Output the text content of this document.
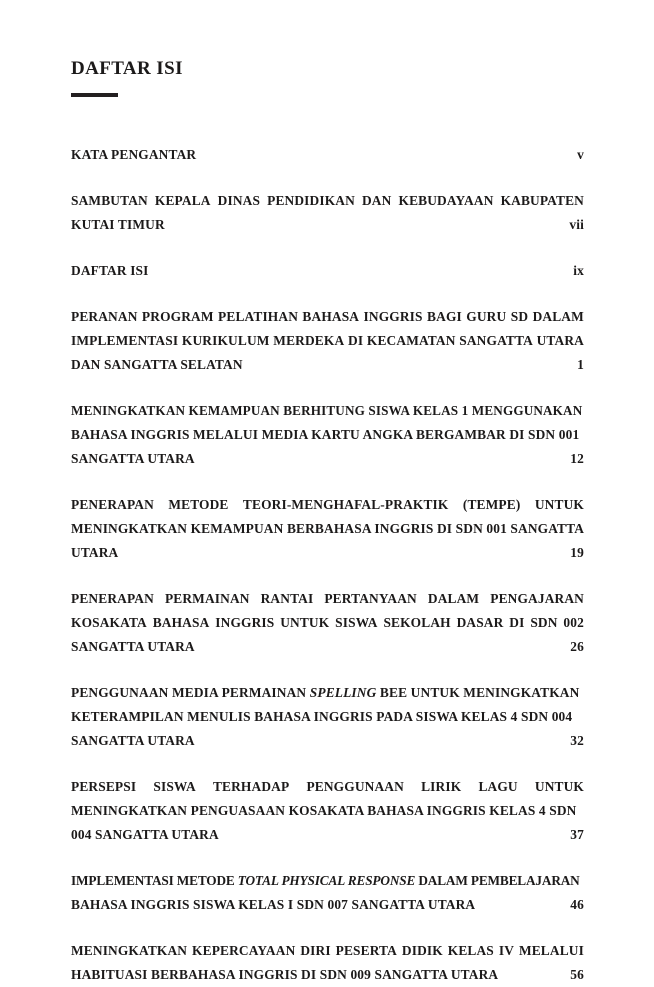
DAFTAR ISI
KATA PENGANTAR .....	v
SAMBUTAN KEPALA DINAS PENDIDIKAN DAN KEBUDAYAAN KABUPATEN
KUTAI TIMUR .....	vii
DAFTAR ISI .....	ix
PERANAN PROGRAM PELATIHAN BAHASA INGGRIS BAGI GURU SD DALAM
IMPLEMENTASI KURIKULUM MERDEKA DI KECAMATAN SANGATTA UTARA
DAN SANGATTA SELATAN .....	1
MENINGKATKAN KEMAMPUAN BERHITUNG SISWA KELAS 1 MENGGUNAKAN
BAHASA INGGRIS MELALUI MEDIA KARTU ANGKA BERGAMBAR DI SDN 001
SANGATTA UTARA .....	12
PENERAPAN METODE TEORI-MENGHAFAL-PRAKTIK (TEMPE) UNTUK
MENINGKATKAN KEMAMPUAN BERBAHASA INGGRIS DI SDN 001 SANGATTA
UTARA .....	19
PENERAPAN PERMAINAN RANTAI PERTANYAAN DALAM PENGAJARAN
KOSAKATA BAHASA INGGRIS UNTUK SISWA SEKOLAH DASAR DI SDN 002
SANGATTA UTARA .....	26
PENGGUNAAN MEDIA PERMAINAN SPELLING BEE UNTUK MENINGKATKAN
KETERAMPILAN MENULIS BAHASA INGGRIS PADA SISWA KELAS 4 SDN 004
SANGATTA UTARA .....	32
PERSEPSI SISWA TERHADAP PENGGUNAAN LIRIK LAGU UNTUK
MENINGKATKAN PENGUASAAN KOSAKATA BAHASA INGGRIS KELAS 4 SDN
004 SANGATTA UTARA .....	37
IMPLEMENTASI METODE TOTAL PHYSICAL RESPONSE DALAM PEMBELAJARAN
BAHASA INGGRIS SISWA KELAS I SDN 007 SANGATTA UTARA .....	46
MENINGKATKAN KEPERCAYAAN DIRI PESERTA DIDIK KELAS IV MELALUI
HABITUASI BERBAHASA INGGRIS DI SDN 009 SANGATTA UTARA .....	56
